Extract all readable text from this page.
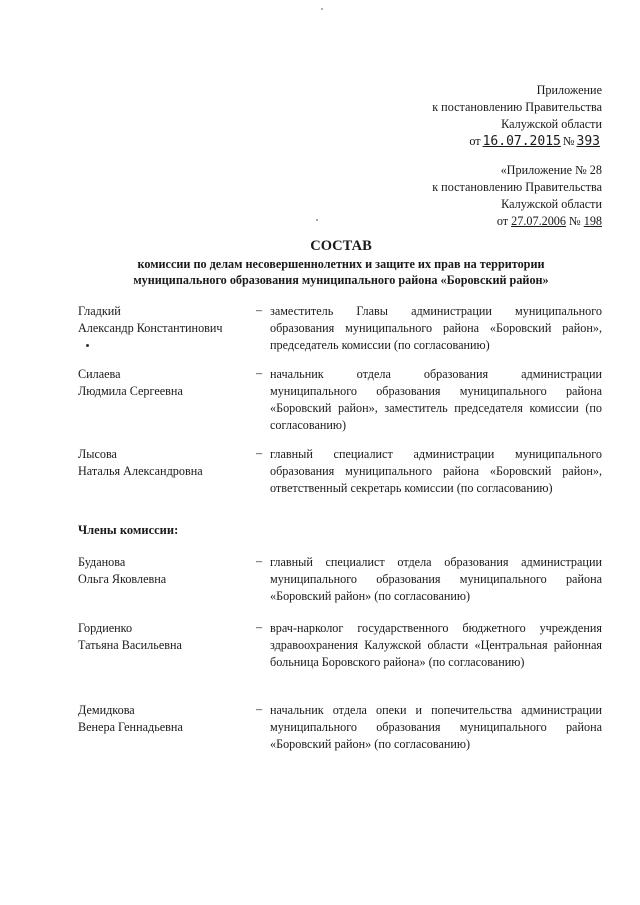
Приложение
к постановлению Правительства
Калужской области
от 16.07.2015 № 393
«Приложение № 28
к постановлению Правительства
Калужской области
от 27.07.2006 № 198
СОСТАВ
комиссии по делам несовершеннолетних и защите их прав на территории
муниципального образования муниципального района «Боровский район»
Гладкий
Александр Константинович
– заместитель Главы администрации муниципального образования муниципального района «Боровский район», председатель комиссии (по согласованию)
Силаева
Людмила Сергеевна
– начальник отдела образования администрации муниципального образования муниципального района «Боровский район», заместитель председателя комиссии (по согласованию)
Лысова
Наталья Александровна
– главный специалист администрации муниципального образования муниципального района «Боровский район», ответственный секретарь комиссии (по согласованию)
Члены комиссии:
Буданова
Ольга Яковлевна
– главный специалист отдела образования администрации муниципального образования муниципального района «Боровский район» (по согласованию)
Гордиенко
Татьяна Васильевна
– врач-нарколог государственного бюджетного учреждения здравоохранения Калужской области «Центральная районная больница Боровского района» (по согласованию)
Демидкова
Венера Геннадьевна
– начальник отдела опеки и попечительства администрации муниципального образования муниципального района «Боровский район» (по согласованию)
